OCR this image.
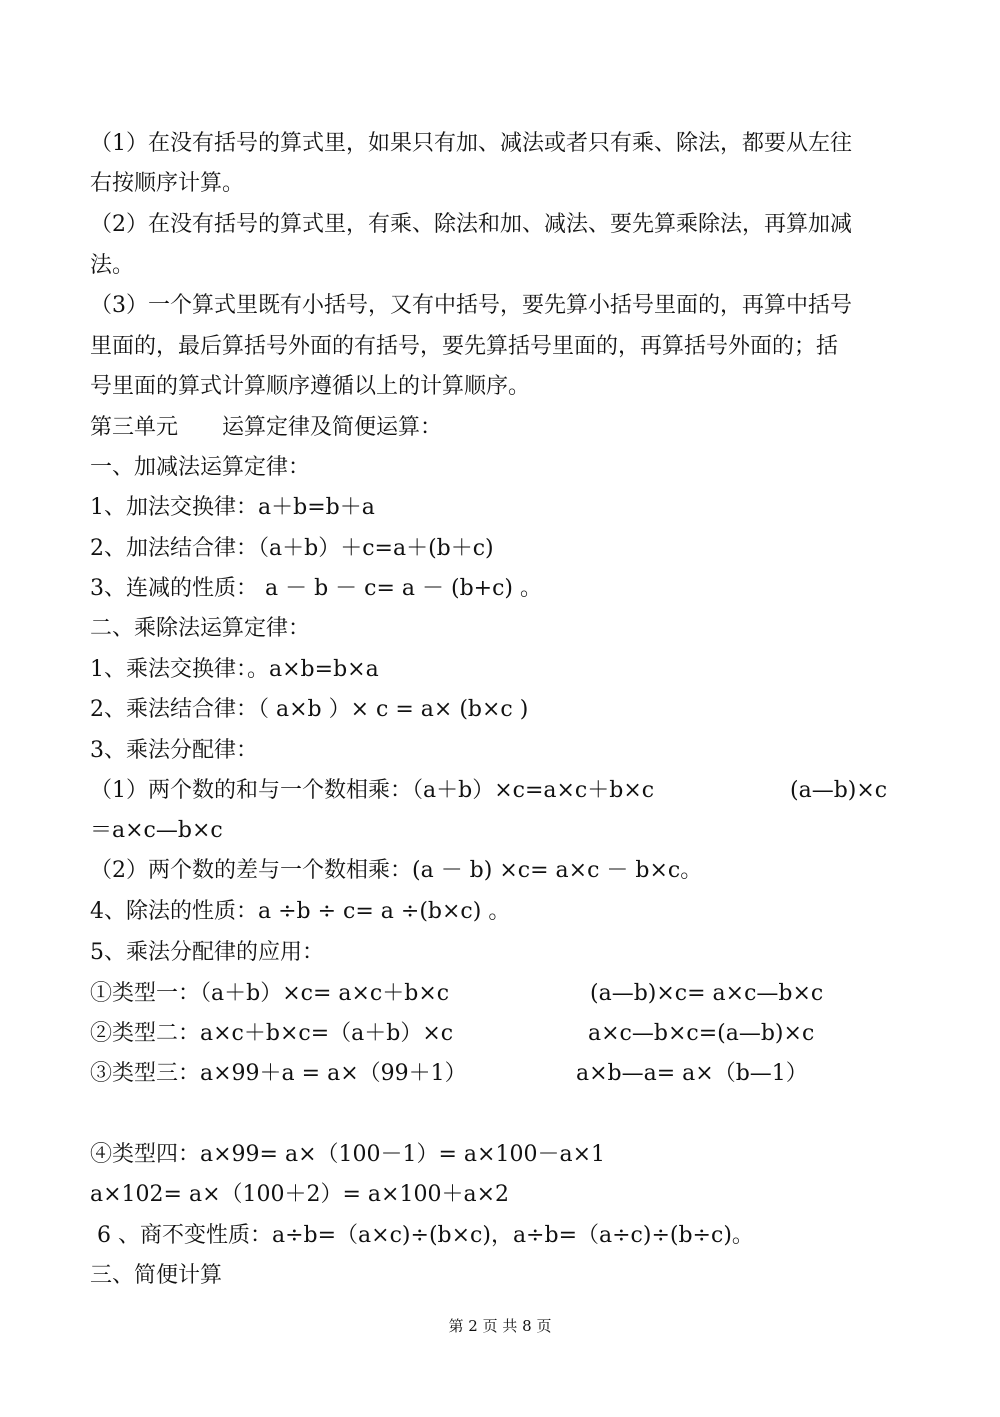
（1）在没有括号的算式里，如果只有加、减法或者只有乘、除法，都要从左往
右按顺序计算。
（2）在没有括号的算式里，有乘、除法和加、减法、要先算乘除法，再算加减
法。
（3）一个算式里既有小括号，又有中括号，要先算小括号里面的，再算中括号
里面的，最后算括号外面的有括号，要先算括号里面的，再算括号外面的；括
号里面的算式计算顺序遵循以上的计算顺序。
第三单元　　运算定律及简便运算：
一、加减法运算定律：
1、加法交换律：a＋b=b＋a
2、加法结合律：（a＋b）＋c=a＋(b＋c)
3、连减的性质： a － b － c= a － (b+c) 。
二、乘除法运算定律：
1、乘法交换律：。a×b=b×a
2、乘法结合律：（ a×b ）× c = a× (b×c )
3、乘法分配律：
（1）两个数的和与一个数相乘：（a＋b）×c=a×c＋b×c	(a—b)×c
＝a×c—b×c
（2）两个数的差与一个数相乘：(a － b) ×c= a×c － b×c。
4、除法的性质：a ÷b ÷ c= a ÷(b×c) 。
5、乘法分配律的应用：
①类型一：（a＋b）×c= a×c＋b×c	(a—b)×c= a×c—b×c
②类型二：a×c＋b×c=（a＋b）×c	a×c—b×c=(a—b)×c
③类型三：a×99＋a = a×（99＋1）	a×b—a= a×（b—1）
④类型四：a×99= a×（100－1）= a×100－a×1
a×102= a×（100＋2）= a×100＋a×2
6 、商不变性质：a÷b=（a×c)÷(b×c)，a÷b=（a÷c)÷(b÷c)。
三、简便计算
第 2 页 共 8 页
